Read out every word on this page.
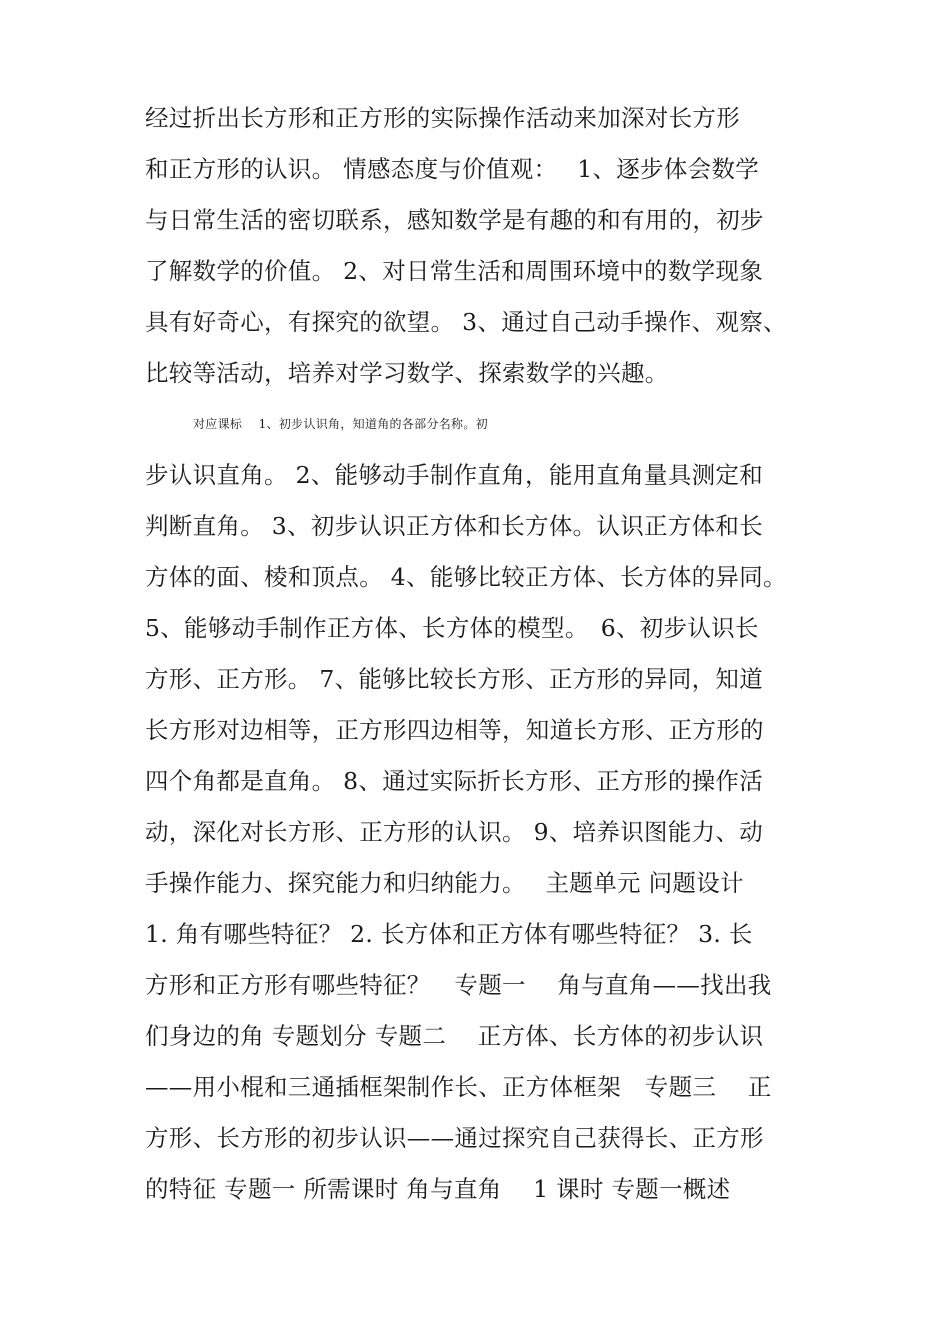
经过折出长方形和正方形的实际操作活动来加深对长方形
和正方形的认识。 情感态度与价值观：　 1、逐步体会数学
与日常生活的密切联系，感知数学是有趣的和有用的，初步
了解数学的价值。 2、对日常生活和周围环境中的数学现象
具有好奇心，有探究的欲望。 3、通过自己动手操作、观察、
比较等活动，培养对学习数学、探索数学的兴趣。
对应课标　 1、初步认识角，知道角的各部分名称。初
步认识直角。 2、能够动手制作直角，能用直角量具测定和
判断直角。 3、初步认识正方体和长方体。认识正方体和长
方体的面、棱和顶点。 4、能够比较正方体、长方体的异同。
5、能够动手制作正方体、长方体的模型。　6、初步认识长
方形、正方形。 7、能够比较长方形、正方形的异同，知道
长方形对边相等，正方形四边相等，知道长方形、正方形的
四个角都是直角。 8、通过实际折长方形、正方形的操作活
动，深化对长方形、正方形的认识。 9、培养识图能力、动
手操作能力、探究能力和归纳能力。　 主题单元 问题设计
1. 角有哪些特征？ 2. 长方体和正方体有哪些特征？ 3. 长
方形和正方形有哪些特征？　专题一　 角与直角——找出我
们身边的角 专题划分 专题二　 正方体、长方体的初步认识
——用小棍和三通插框架制作长、正方体框架　专题三　 正
方形、长方形的初步认识——通过探究自己获得长、正方形
的特征 专题一 所需课时 角与直角　 1 课时 专题一概述
